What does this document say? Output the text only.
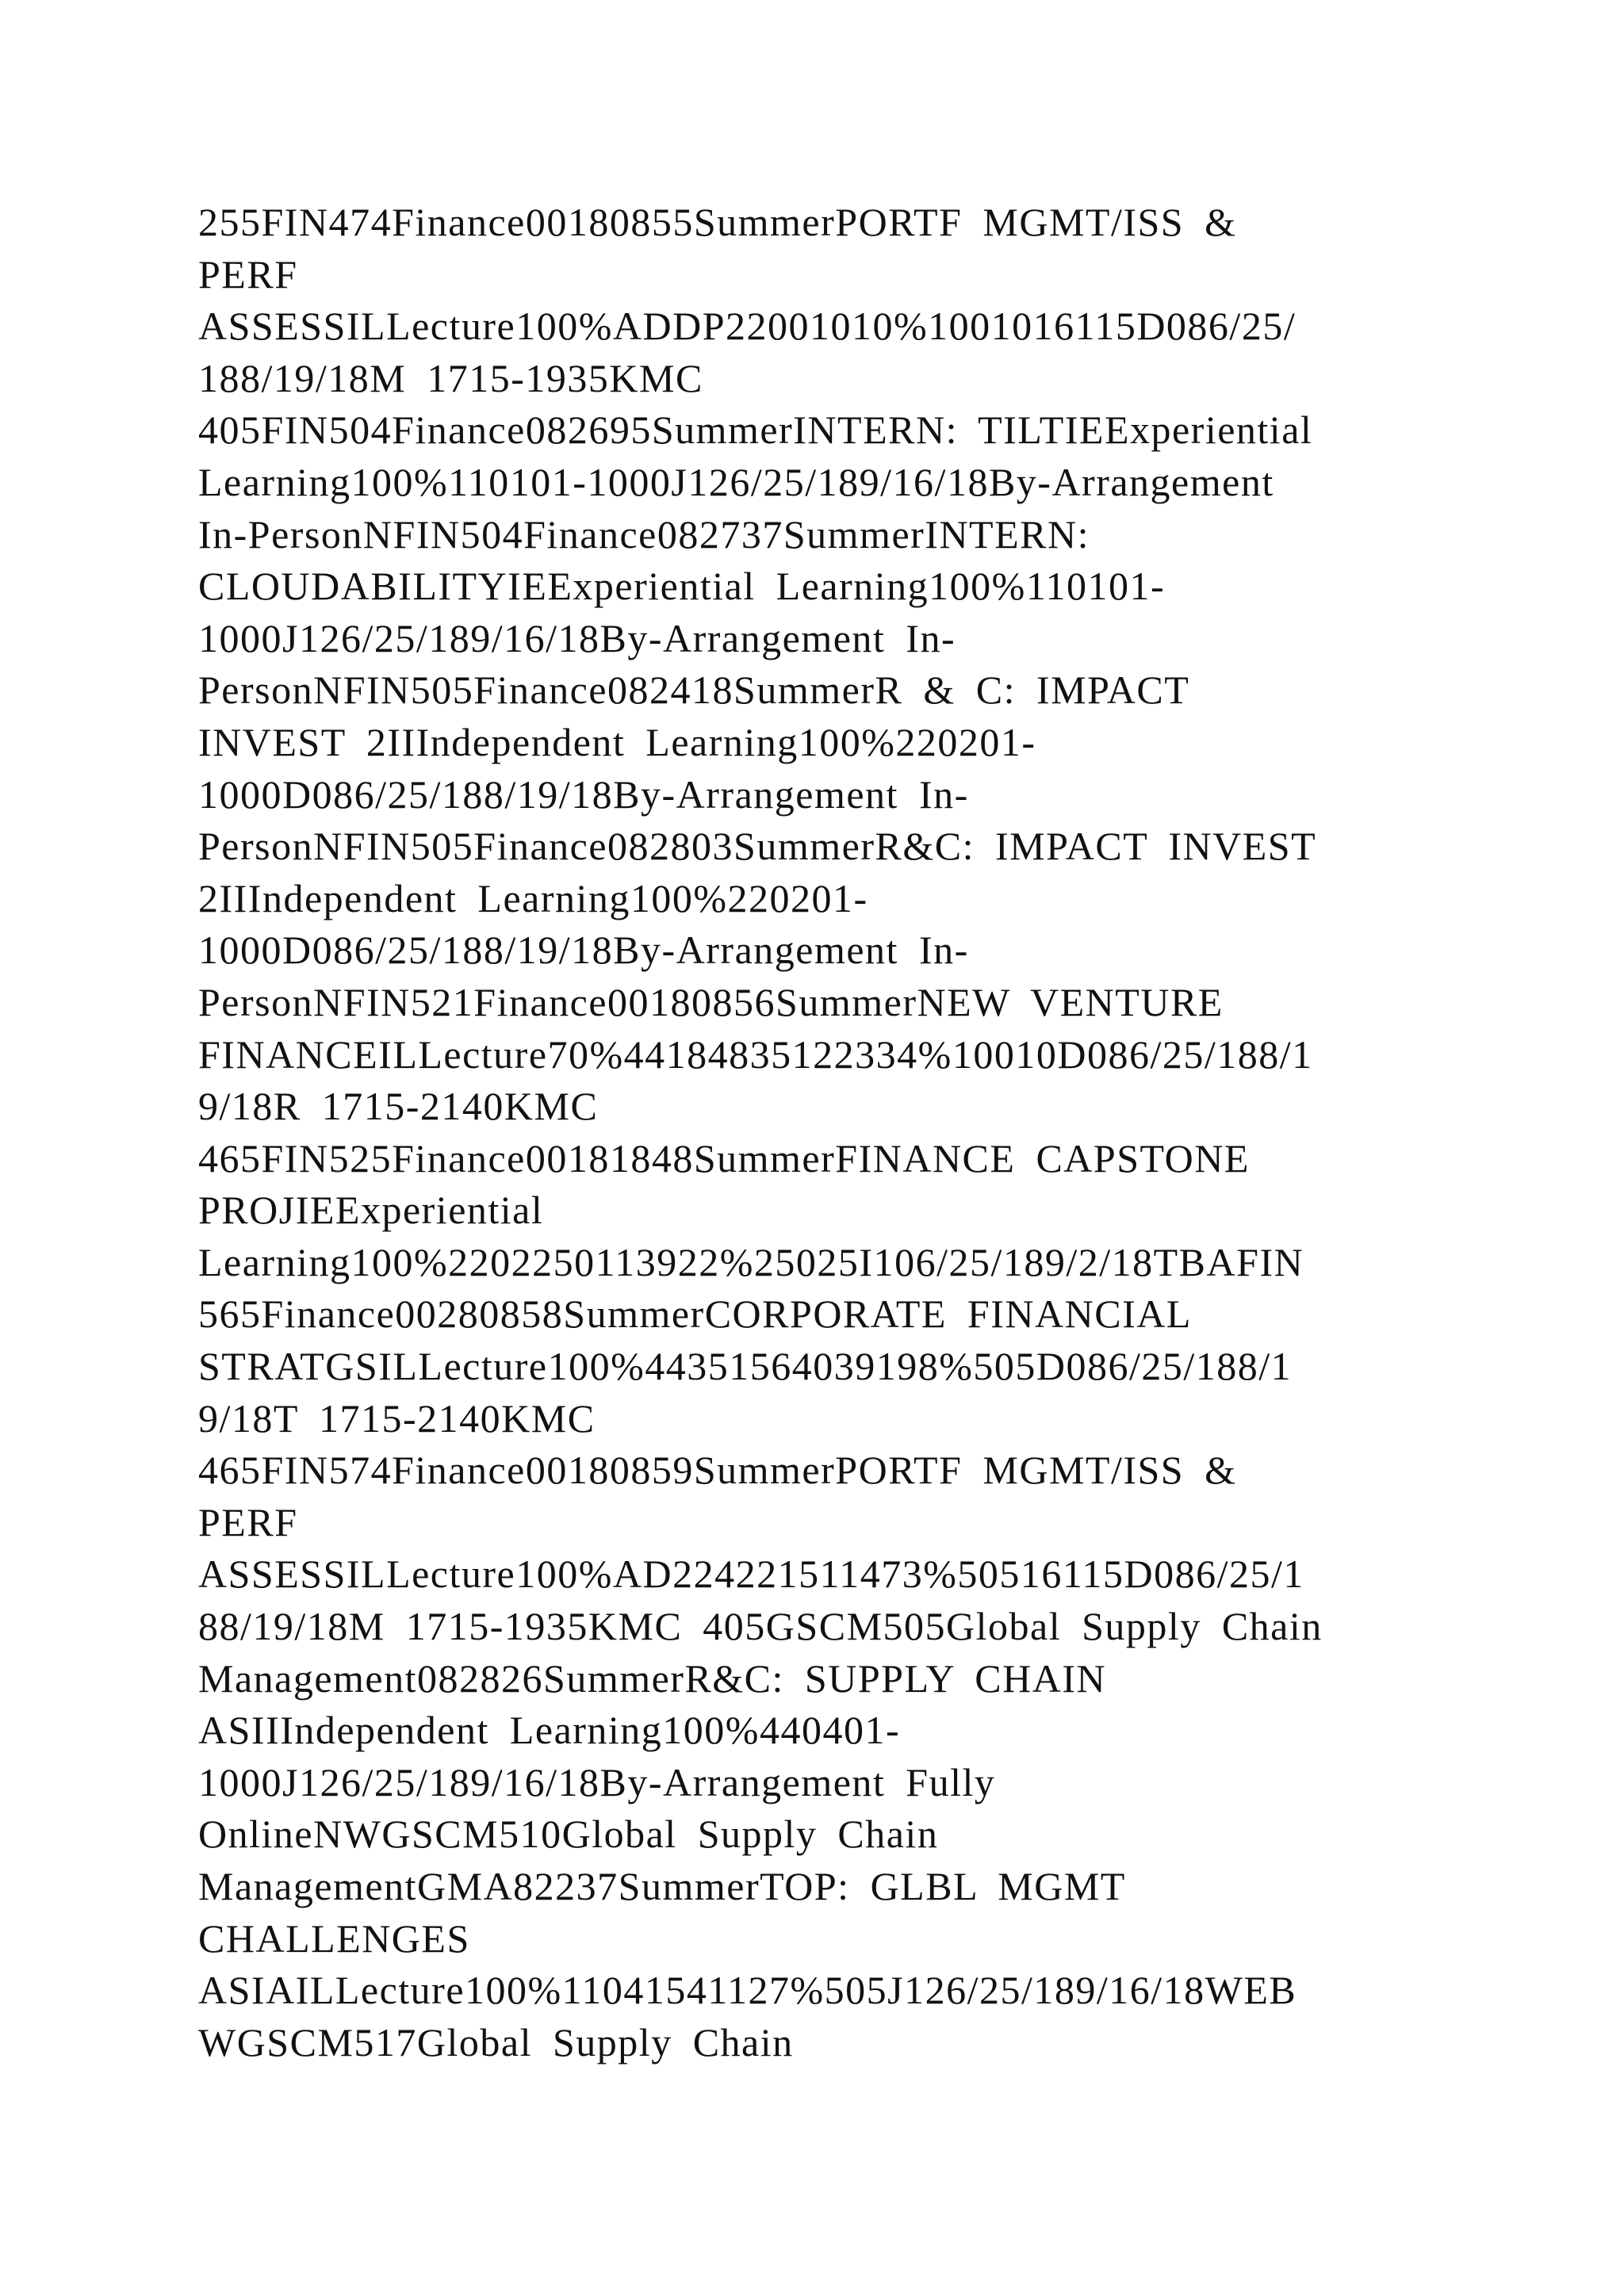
255FIN474Finance00180855SummerPORTF MGMT/ISS &
PERF
ASSESSILLecture100%ADDP22001010%1001016115D086/25/
188/19/18M 1715-1935KMC
405FIN504Finance082695SummerINTERN: TILTIEExperiential
Learning100%110101-1000J126/25/189/16/18By-Arrangement
In-PersonNFIN504Finance082737SummerINTERN:
CLOUDABILITYIEExperiential Learning100%110101-
1000J126/25/189/16/18By-Arrangement In-
PersonNFIN505Finance082418SummerR & C: IMPACT
INVEST 2IIIndependent Learning100%220201-
1000D086/25/188/19/18By-Arrangement In-
PersonNFIN505Finance082803SummerR&C: IMPACT INVEST
2IIIndependent Learning100%220201-
1000D086/25/188/19/18By-Arrangement In-
PersonNFIN521Finance00180856SummerNEW VENTURE
FINANCEILLecture70%44184835122334%10010D086/25/188/1
9/18R 1715-2140KMC
465FIN525Finance00181848SummerFINANCE CAPSTONE
PROJIEExperiential
Learning100%2202250113922%25025I106/25/189/2/18TBAFIN
565Finance00280858SummerCORPORATE FINANCIAL
STRATGSILLecture100%44351564039198%505D086/25/188/1
9/18T 1715-2140KMC
465FIN574Finance00180859SummerPORTF MGMT/ISS &
PERF
ASSESSILLecture100%AD224221511473%50516115D086/25/1
88/19/18M 1715-1935KMC 405GSCM505Global Supply Chain
Management082826SummerR&C: SUPPLY CHAIN
ASIIIndependent Learning100%440401-
1000J126/25/189/16/18By-Arrangement Fully
OnlineNWGSCM510Global Supply Chain
ManagementGMA82237SummerTOP: GLBL MGMT
CHALLENGES
ASIAILLecture100%11041541127%505J126/25/189/16/18WEB
WGSCM517Global Supply Chain
